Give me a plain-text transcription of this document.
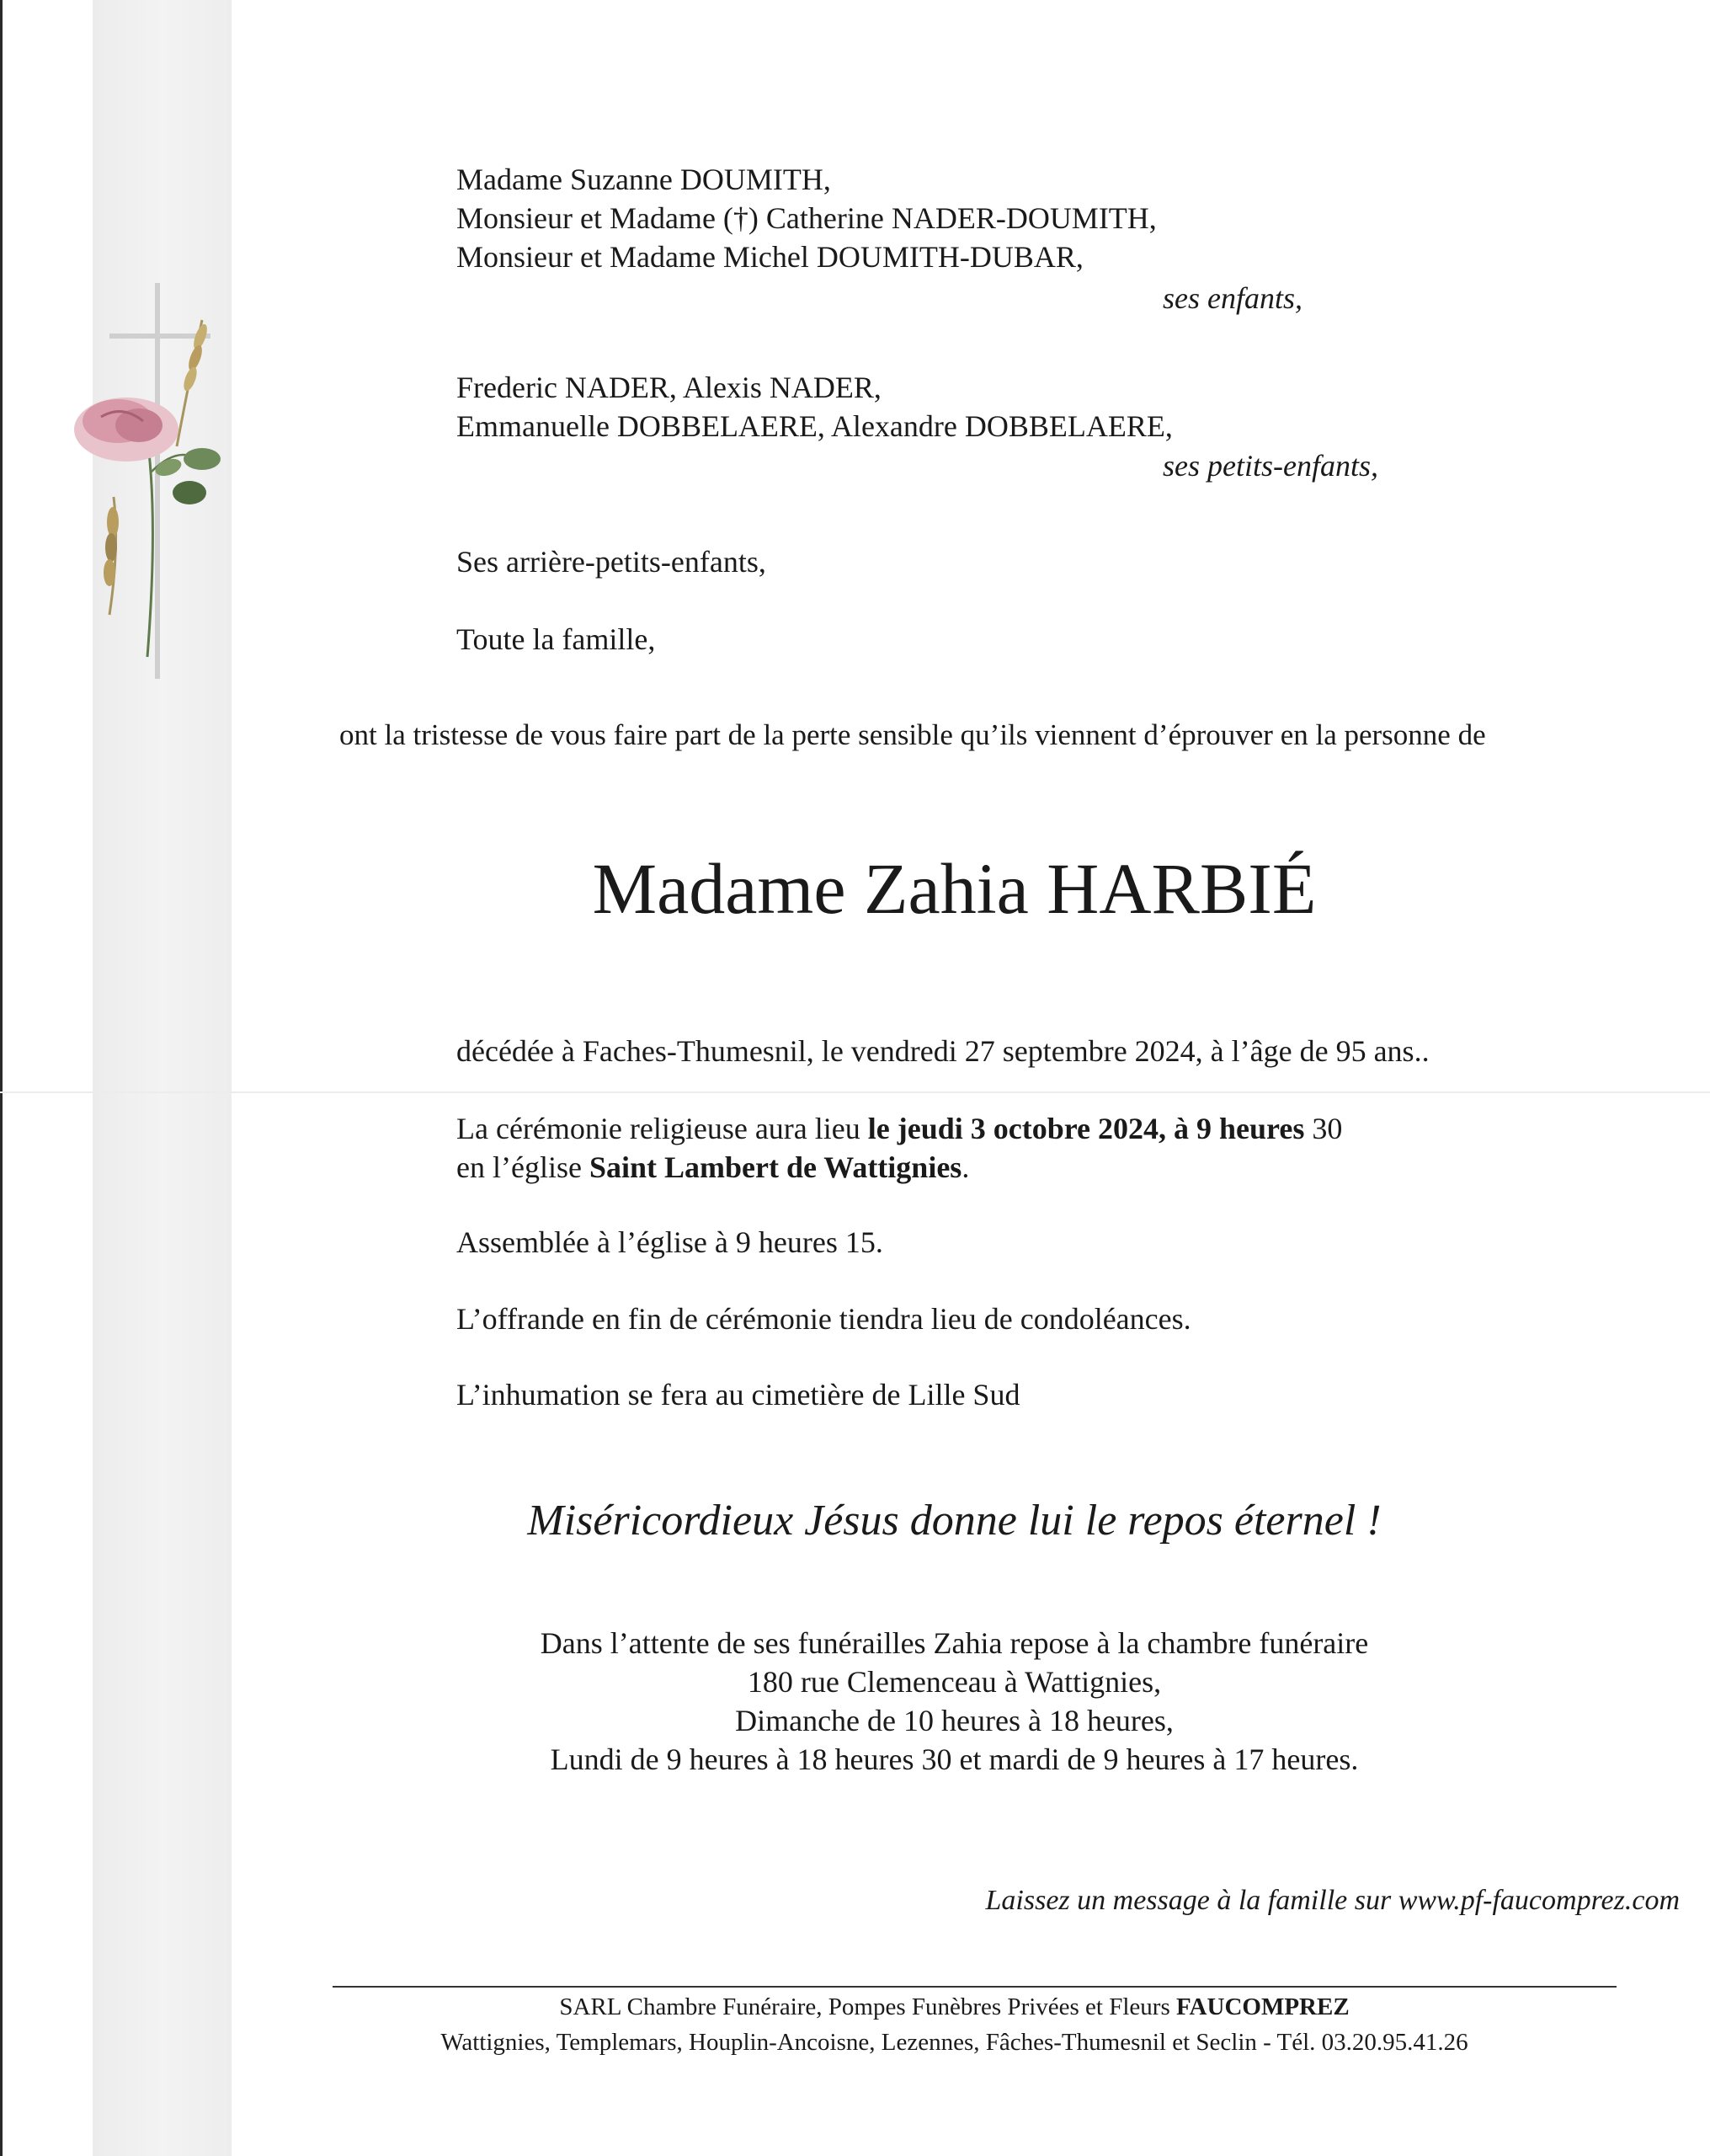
Madame Suzanne DOUMITH,
Monsieur et Madame (†) Catherine NADER-DOUMITH,
Monsieur et Madame Michel DOUMITH-DUBAR,
ses enfants,
Frederic NADER, Alexis NADER,
Emmanuelle DOBBELAERE, Alexandre DOBBELAERE,
ses petits-enfants,
Ses arrière-petits-enfants,
Toute la famille,
ont la tristesse de vous faire part de la perte sensible qu’ils viennent d’éprouver en la personne de
Madame Zahia HARBIÉ
décédée à Faches-Thumesnil, le vendredi 27 septembre 2024, à l’âge de 95 ans..
La cérémonie religieuse aura lieu le jeudi 3 octobre 2024, à 9 heures 30
en l’église Saint Lambert de Wattignies.
Assemblée à l’église à 9 heures 15.
L’offrande en fin de cérémonie tiendra lieu de condoléances.
L’inhumation se fera au cimetière de Lille Sud
Miséricordieux Jésus donne lui le repos éternel !
Dans l’attente de ses funérailles Zahia repose à la chambre funéraire
180 rue Clemenceau à Wattignies,
Dimanche de 10 heures à 18 heures,
Lundi de 9 heures à 18 heures 30 et mardi de 9 heures à 17 heures.
Laissez un message à la famille sur www.pf-faucomprez.com
SARL Chambre Funéraire, Pompes Funèbres Privées et Fleurs FAUCOMPREZ
Wattignies, Templemars, Houplin-Ancoisne, Lezennes, Fâches-Thumesnil et Seclin - Tél. 03.20.95.41.26
